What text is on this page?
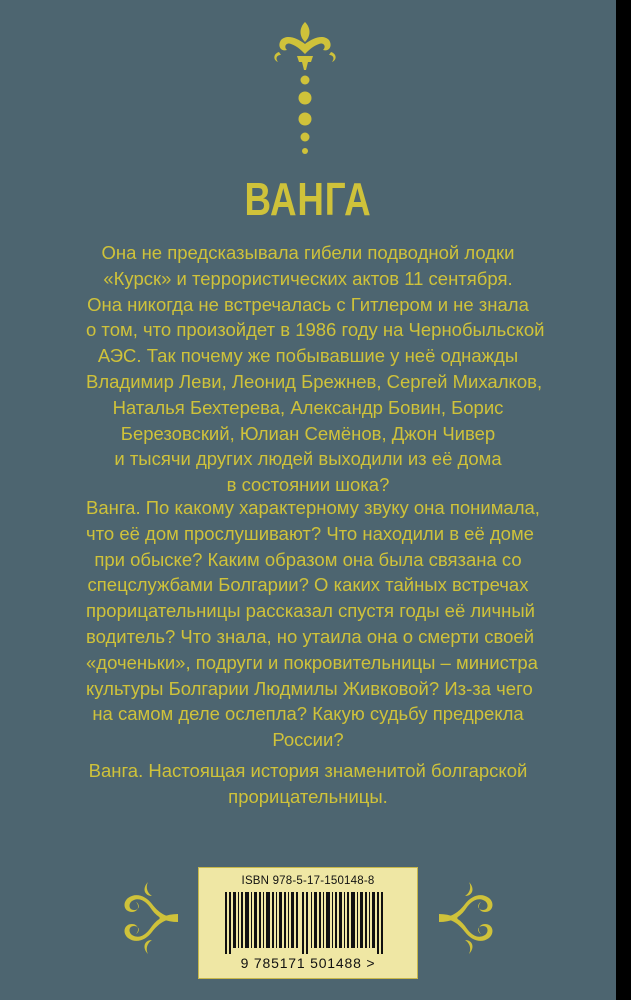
ВАНГА
Она не предсказывала гибели подводной лодки
«Курск» и террористических актов 11 сентября.
Она никогда не встречалась с Гитлером и не знала
о том, что произойдет в 1986 году на Чернобыльской
АЭС. Так почему же побывавшие у неё однажды
Владимир Леви, Леонид Брежнев, Сергей Михалков,
Наталья Бехтерева, Александр Бовин, Борис
Березовский, Юлиан Семёнов, Джон Чивер
и тысячи других людей выходили из её дома
в состоянии шока?
Ванга. По какому характерному звуку она понимала,
что её дом прослушивают? Что находили в её доме
при обыске? Каким образом она была связана со
спецслужбами Болгарии? О каких тайных встречах
прорицательницы рассказал спустя годы её личный
водитель? Что знала, но утаила она о смерти своей
«доченьки», подруги и покровительницы – министра
культуры Болгарии Людмилы Живковой? Из-за чего
на самом деле ослепла? Какую судьбу предрекла
России?
Ванга. Настоящая история знаменитой болгарской
прорицательницы.
ISBN 978-5-17-150148-8
9 785171 501488 >
